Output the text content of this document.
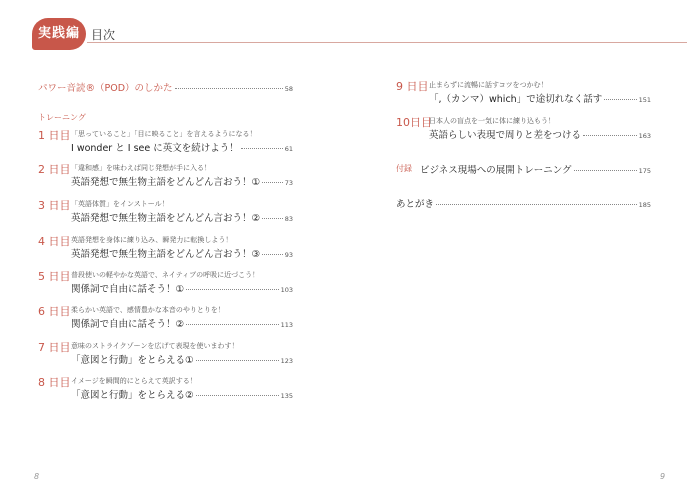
実践編 目次
パワー音読®（POD）のしかた	58
トレーニング
1 日目 「思っていること」「目に映ること」を言えるようになる！
I wonder と I see に英文を続けよう！	61
2 日目 「違和感」を味わえば同じ発想が手に入る！
英語発想で無生物主語をどんどん言おう！①	73
3 日目 「英語体質」をインストール！
英語発想で無生物主語をどんどん言おう！②	83
4 日目 英語発想を身体に練り込み、瞬発力に転換しよう！
英語発想で無生物主語をどんどん言おう！③	93
5 日目 普段使いの軽やかな英語で、ネイティブの呼吸に近づこう！
関係詞で自由に話そう！①	103
6 日目 柔らかい英語で、感情豊かな本音のやりとりを！
関係詞で自由に話そう！②	113
7 日目 意味のストライクゾーンを広げて表現を使いまわす！
「意図と行動」をとらえる①	123
8 日目 イメージを瞬間的にとらえて英訳する！
「意図と行動」をとらえる②	135
9 日目 止まらずに流暢に話すコツをつかむ！
「,（カンマ）which」で途切れなく話す	151
10日目
日本人の盲点を一気に体に練り込もう！
英語らしい表現で周りと差をつける	163
付録 ビジネス現場への展開トレーニング	175
あとがき	185
8	9
